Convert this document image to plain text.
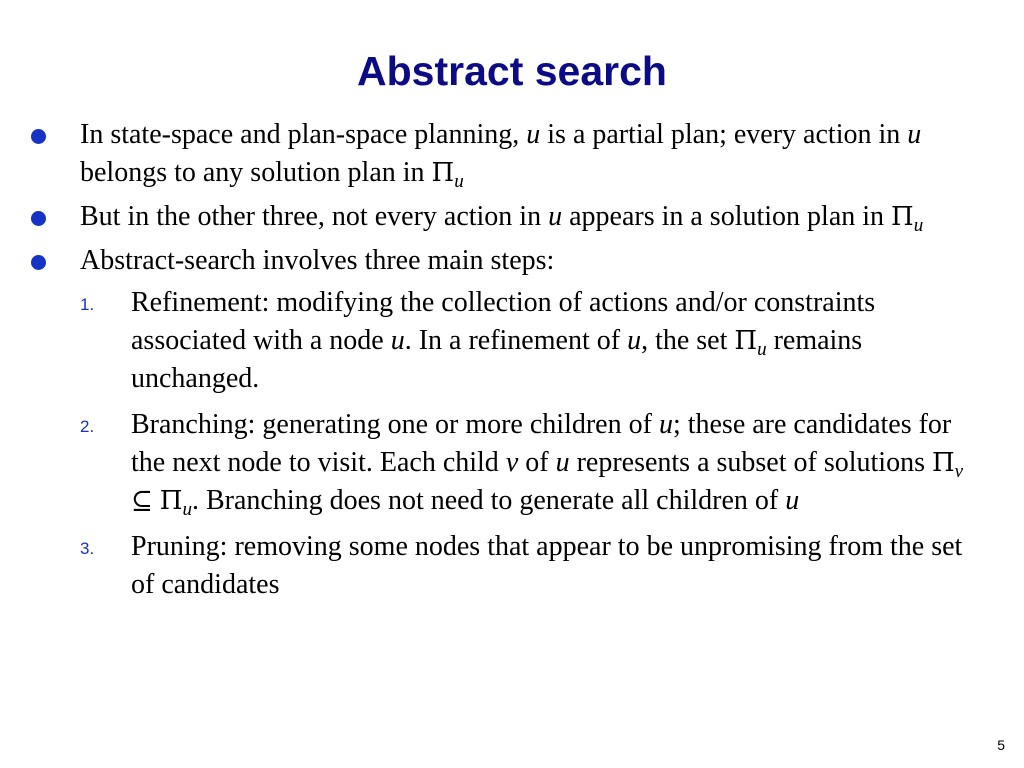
Abstract search
In state-space and plan-space planning, u is a partial plan; every action in u belongs to any solution plan in $\Pi_u$
But in the other three, not every action in u appears in a solution plan in $\Pi_u$
Abstract-search involves three main steps:
1. Refinement: modifying the collection of actions and/or constraints associated with a node u. In a refinement of u, the set $\Pi_u$ remains unchanged.
2. Branching: generating one or more children of u; these are candidates for the next node to visit. Each child v of u represents a subset of solutions $\Pi_v$ ⊆ $\Pi_u$. Branching does not need to generate all children of u
3. Pruning: removing some nodes that appear to be unpromising from the set of candidates
5
